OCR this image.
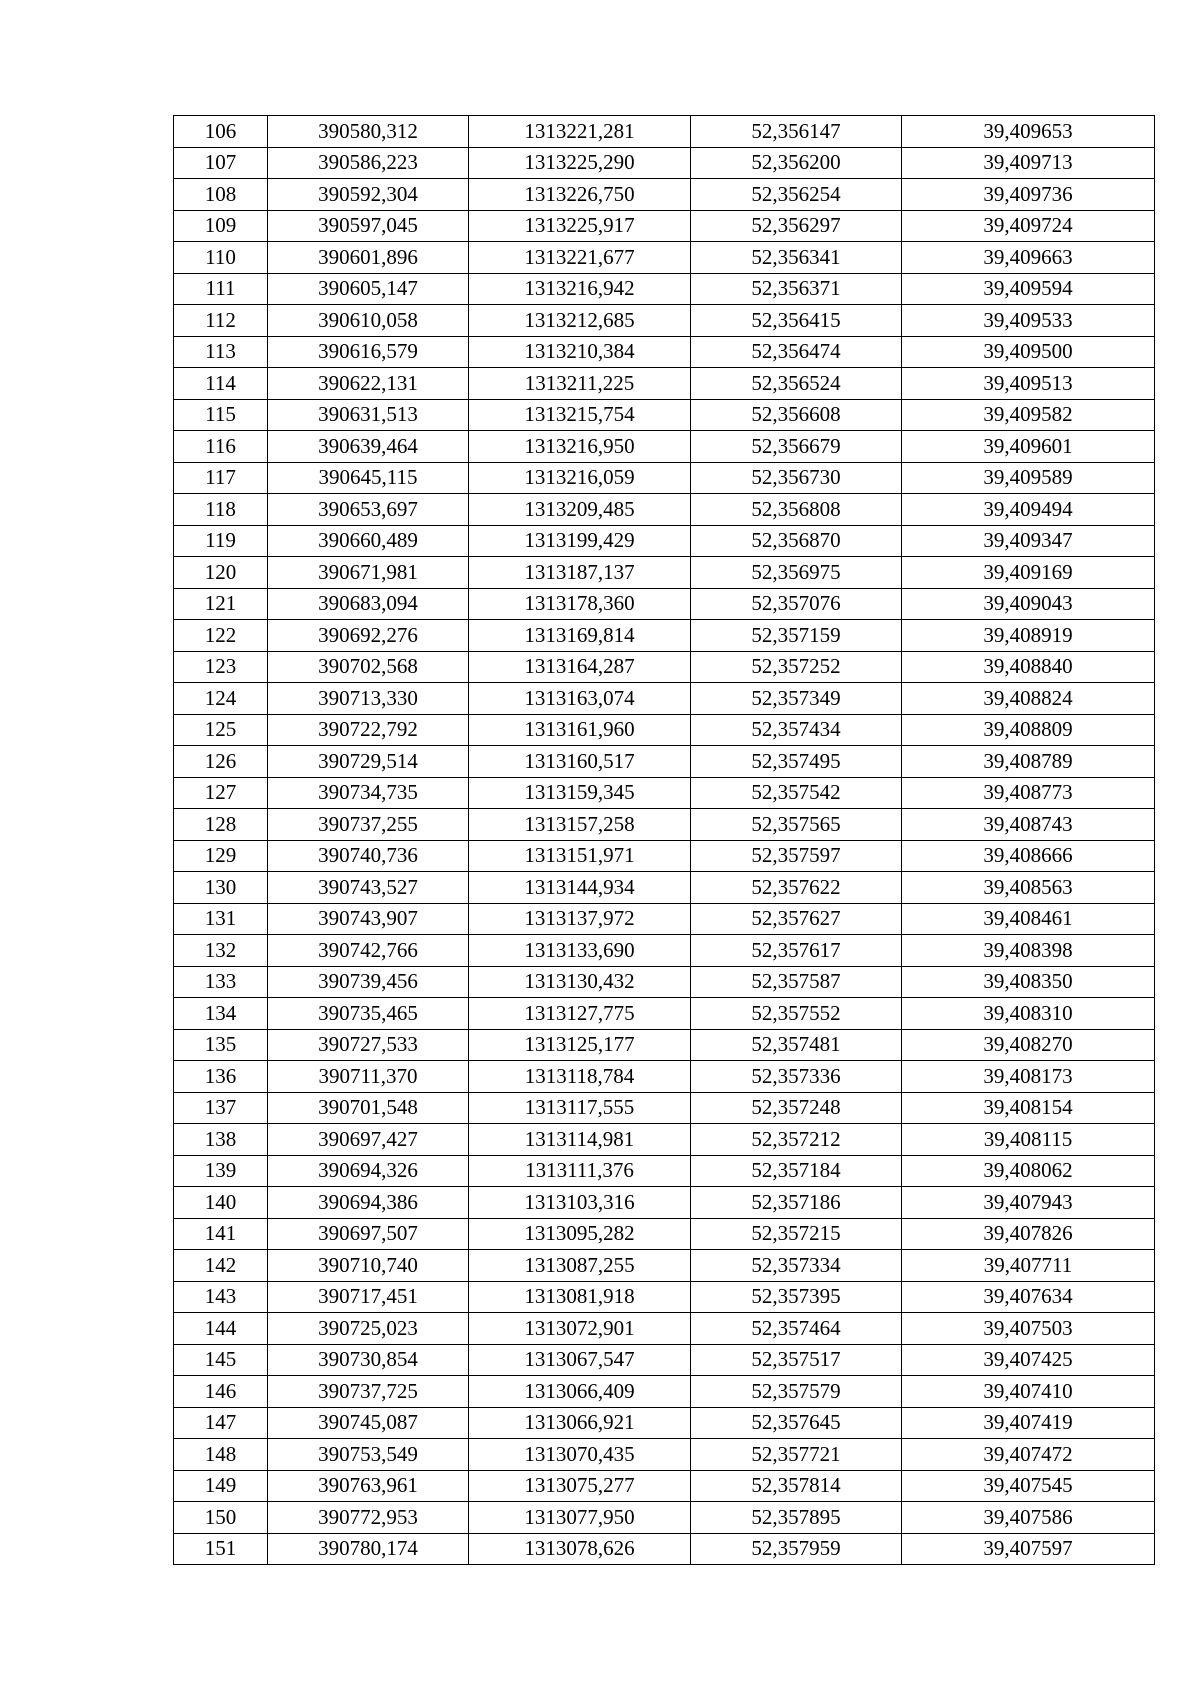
106	390580,312	1313221,281	52,356147	39,409653
107	390586,223	1313225,290	52,356200	39,409713
108	390592,304	1313226,750	52,356254	39,409736
109	390597,045	1313225,917	52,356297	39,409724
110	390601,896	1313221,677	52,356341	39,409663
111	390605,147	1313216,942	52,356371	39,409594
112	390610,058	1313212,685	52,356415	39,409533
113	390616,579	1313210,384	52,356474	39,409500
114	390622,131	1313211,225	52,356524	39,409513
115	390631,513	1313215,754	52,356608	39,409582
116	390639,464	1313216,950	52,356679	39,409601
117	390645,115	1313216,059	52,356730	39,409589
118	390653,697	1313209,485	52,356808	39,409494
119	390660,489	1313199,429	52,356870	39,409347
120	390671,981	1313187,137	52,356975	39,409169
121	390683,094	1313178,360	52,357076	39,409043
122	390692,276	1313169,814	52,357159	39,408919
123	390702,568	1313164,287	52,357252	39,408840
124	390713,330	1313163,074	52,357349	39,408824
125	390722,792	1313161,960	52,357434	39,408809
126	390729,514	1313160,517	52,357495	39,408789
127	390734,735	1313159,345	52,357542	39,408773
128	390737,255	1313157,258	52,357565	39,408743
129	390740,736	1313151,971	52,357597	39,408666
130	390743,527	1313144,934	52,357622	39,408563
131	390743,907	1313137,972	52,357627	39,408461
132	390742,766	1313133,690	52,357617	39,408398
133	390739,456	1313130,432	52,357587	39,408350
134	390735,465	1313127,775	52,357552	39,408310
135	390727,533	1313125,177	52,357481	39,408270
136	390711,370	1313118,784	52,357336	39,408173
137	390701,548	1313117,555	52,357248	39,408154
138	390697,427	1313114,981	52,357212	39,408115
139	390694,326	1313111,376	52,357184	39,408062
140	390694,386	1313103,316	52,357186	39,407943
141	390697,507	1313095,282	52,357215	39,407826
142	390710,740	1313087,255	52,357334	39,407711
143	390717,451	1313081,918	52,357395	39,407634
144	390725,023	1313072,901	52,357464	39,407503
145	390730,854	1313067,547	52,357517	39,407425
146	390737,725	1313066,409	52,357579	39,407410
147	390745,087	1313066,921	52,357645	39,407419
148	390753,549	1313070,435	52,357721	39,407472
149	390763,961	1313075,277	52,357814	39,407545
150	390772,953	1313077,950	52,357895	39,407586
151	390780,174	1313078,626	52,357959	39,407597
